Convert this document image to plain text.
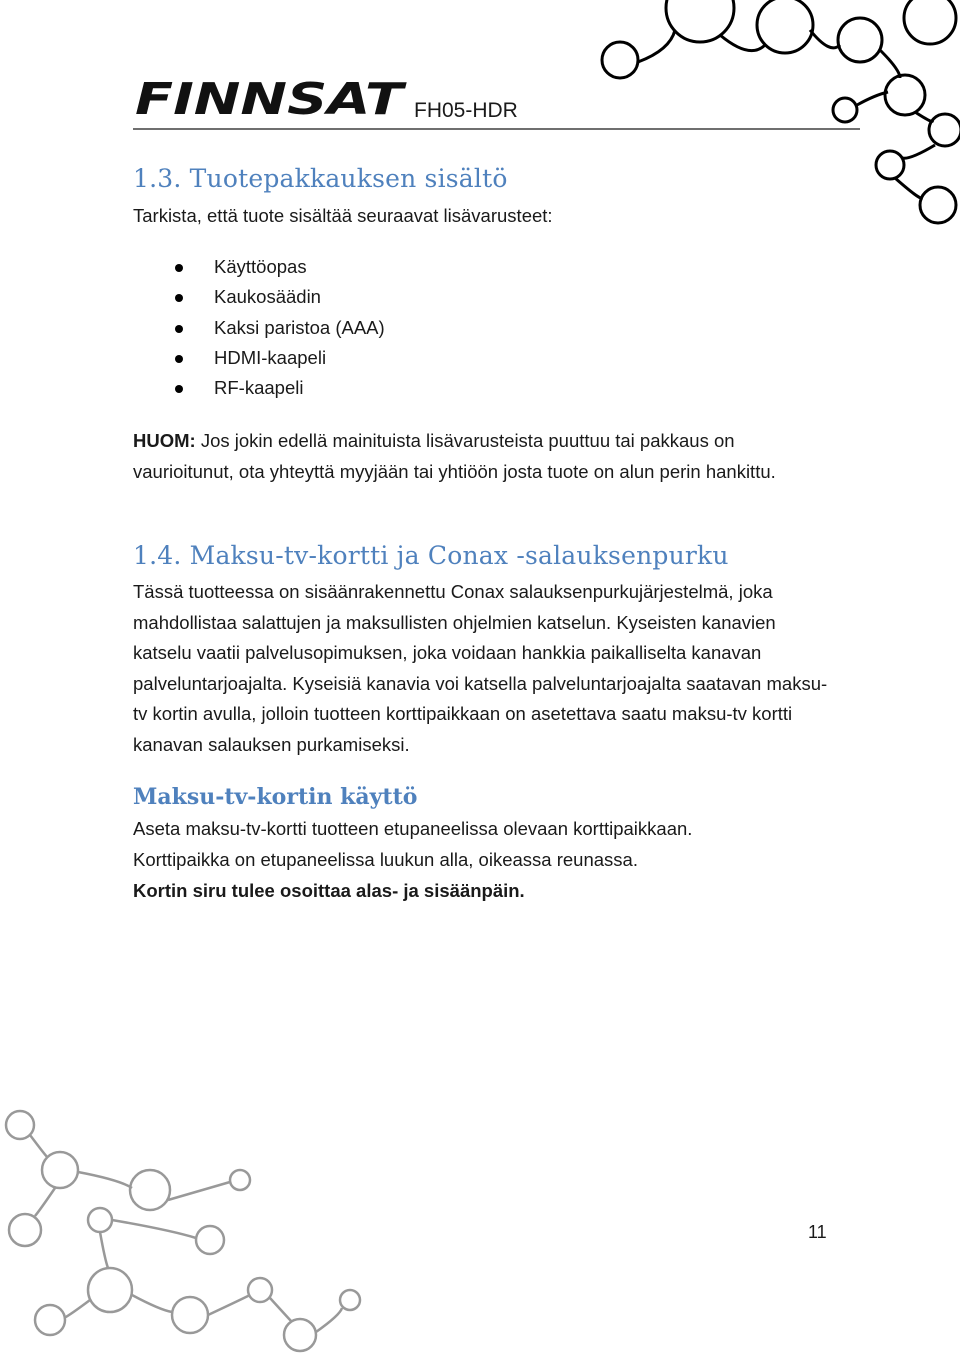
FINNSAT FH05-HDR
1.3. Tuotepakkauksen sisältö

Tarkista, että tuote sisältää seuraavat lisävarusteet:

Käyttöopas
Kaukosäädin
Kaksi paristoa (AAA)
HDMI-kaapeli
RF-kaapeli

HUOM: Jos jokin edellä mainituista lisävarusteista puuttuu tai pakkaus on vaurioitunut, ota yhteyttä myyjään tai yhtiöön josta tuote on alun perin hankittu.

1.4. Maksu-tv-kortti ja Conax -salauksenpurku

Tässä tuotteessa on sisäänrakennettu Conax salauksenpurkujärjestelmä, joka mahdollistaa salattujen ja maksullisten ohjelmien katselun. Kyseisten kanavien katselu vaatii palvelusopimuksen, joka voidaan hankkia paikalliselta kanavan palveluntarjoajalta. Kyseisiä kanavia voi katsella palveluntarjoajalta saatavan maksu-tv kortin avulla, jolloin tuotteen korttipaikkaan on asetettava saatu maksu-tv kortti kanavan salauksen purkamiseksi.

Maksu-tv-kortin käyttö

Aseta maksu-tv-kortti tuotteen etupaneelissa olevaan korttipaikkaan.

Korttipaikka on etupaneelissa luukun alla, oikeassa reunassa.

Kortin siru tulee osoittaa alas- ja sisäänpäin.

11
